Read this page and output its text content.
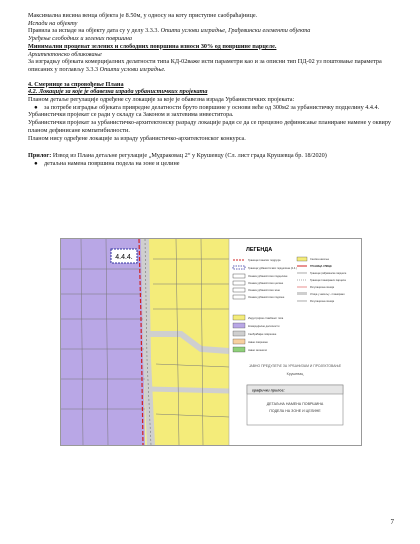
Максимална висина венца објекта је 8.50м, у односу на коту приступне саобраћајнице.

Испади на објекту

Правила за испаде на објекту дата су у делу 3.3.3. Општи услови изградње, Грађевински елементи објекта

Уређење слободних и зелених површина

Минимални проценат зелених и слободних површина износи 30% од површине парцеле.

Архитектонско обликовање

За изградњу објеката комерцијалних делатности типа КД-02важе исти параметри као и за описни тип ПД-02 уз поштовање параметра описаних у поглављу 3.3.3 Општи услови изградње.

4. Смернице за спровођење Плана

4.2. Локације за које је обавезна израда урбанистичких пројеката

Планом детаље регулације одређене су локације за које је обавезна израда Урбанистичких пројеката:

●	за потребе изградње објеката привредне делатности бруто површине у основи веће од 300м2 за урбанистичку подцелину 4.4.4.

Урбанистички пројекат се ради у складу са Законом и захтевима инвеститора.

Урбанистички пројекат за урбанистичко-архитектонску разраду локације ради се да се прецизно дефинисање планиране намене у оквиру планом дефинисане компатибилности.

Планом нису одређене локације за израду урбанистичко-архитектонског конкурса.

Прилог: Извод из Плана детаљне регулације „Мудраковац 2“ у Крушевцу (Сл. лист града Крушевца бр. 18/2020)

●	детаљна намена површина подела на зоне и целине
4.4.4.
ЛЕГЕНДА
Граница планског подручја
Граница урбанистичких подцелина (4.4.)
Ознака урбанистичке подцелине
Ознака урбанистичке целине
Ознака урбанистичке зоне
Ознака урбанистичке подзоне
Сеоска насеља
ГРАНИЦА УЛИЦЕ
Граница грађевинске парцеле
Граница планираних парцела
Регулациона линија
Улица у насељу - планирано
Регулациона линија
Индустријске стамбеног типа
Комерцијалне делатности
Саобраћајне површине
Јавне површине
Јавно зеленило
ЈАВНО ПРЕДУЗЕЋЕ ЗА УРБАНИЗАМ И ПРОЈЕКТОВАЊЕ
Крушевац
графички прилог:
ДЕТАЉНА НАМЕНА ПОВРШИНА
ПОДЕЛА НА ЗОНЕ И ЦЕЛИНЕ
7
